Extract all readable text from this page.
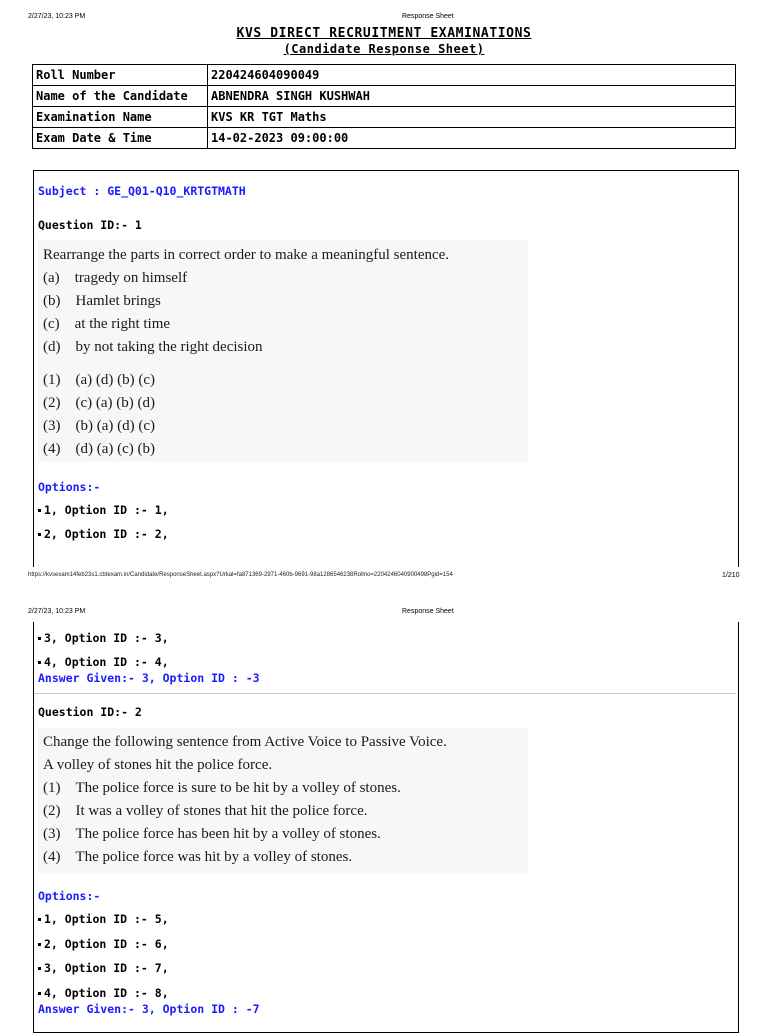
2/27/23, 10:23 PM	Response Sheet
KVS DIRECT RECRUITMENT EXAMINATIONS
(Candidate Response Sheet)
Roll Number	220424604090049
Name of the Candidate	ABNENDRA SINGH KUSHWAH
Examination Name	KVS KR TGT Maths
Exam Date & Time	14-02-2023 09:00:00
Subject : GE_Q01-Q10_KRTGTMATH
Question ID:- 1
Rearrange the parts in correct order to make a meaningful sentence.
(a) tragedy on himself
(b) Hamlet brings
(c) at the right time
(d) by not taking the right decision
(1) (a) (d) (b) (c)
(2) (c) (a) (b) (d)
(3) (b) (a) (d) (c)
(4) (d) (a) (c) (b)
Options:-
1, Option ID :- 1,
2, Option ID :- 2,
https://kvsexam14feb23s1.cbtexam.in/Candidate/ResponseSheet.aspx?Urkal=fa871369-2971-460b-9691-98a1286546238Rollno=2204246040900498Pgid=154	1/210
2/27/23, 10:23 PM	Response Sheet
3, Option ID :- 3,
4, Option ID :- 4,
Answer Given:- 3, Option ID : -3
Question ID:- 2
Change the following sentence from Active Voice to Passive Voice.
A volley of stones hit the police force.
(1) The police force is sure to be hit by a volley of stones.
(2) It was a volley of stones that hit the police force.
(3) The police force has been hit by a volley of stones.
(4) The police force was hit by a volley of stones.
Options:-
1, Option ID :- 5,
2, Option ID :- 6,
3, Option ID :- 7,
4, Option ID :- 8,
Answer Given:- 3, Option ID : -7
